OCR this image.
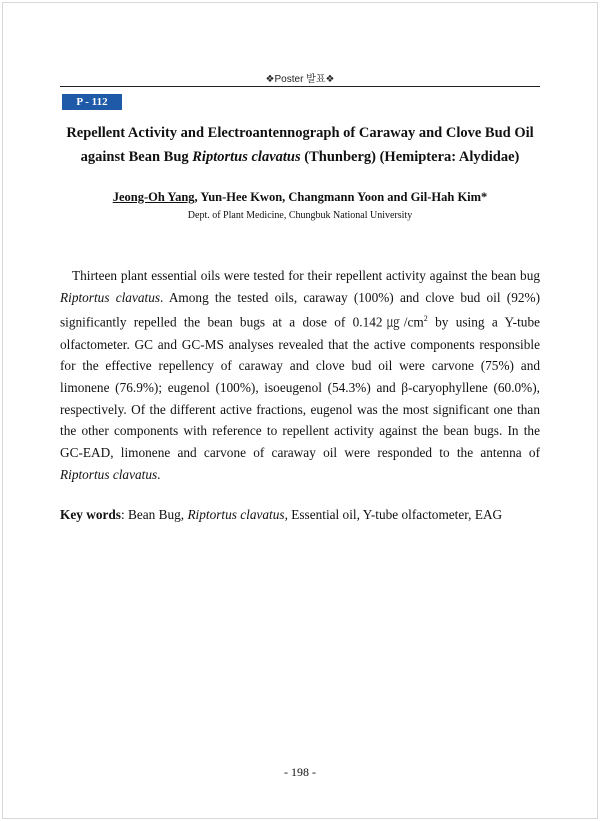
❖Poster 발표❖
P - 112
Repellent Activity and Electroantennograph of Caraway and Clove Bud Oil
against Bean Bug Riptortus clavatus (Thunberg) (Hemiptera: Alydidae)
Jeong-Oh Yang, Yun-Hee Kwon, Changmann Yoon and Gil-Hah Kim*
Dept. of Plant Medicine, Chungbuk National University

Thirteen plant essential oils were tested for their repellent activity against the bean bug Riptortus clavatus. Among the tested oils, caraway (100%) and clove bud oil (92%) significantly repelled the bean bugs at a dose of $0.142㎍/cm^2$ by using a Y-tube olfactometer. GC and GC-MS analyses revealed that the active components responsible for the effective repellency of caraway and clove bud oil were carvone (75%) and limonene (76.9%); eugenol (100%), isoeugenol (54.3%) and β-caryophyllene (60.0%), respectively. Of the different active fractions, eugenol was the most significant one than the other components with reference to repellent activity against the bean bugs. In the GC-EAD, limonene and carvone of caraway oil were responded to the antenna of Riptortus clavatus.

Key words: Bean Bug, Riptortus clavatus, Essential oil, Y-tube olfactometer, EAG
- 198 -
